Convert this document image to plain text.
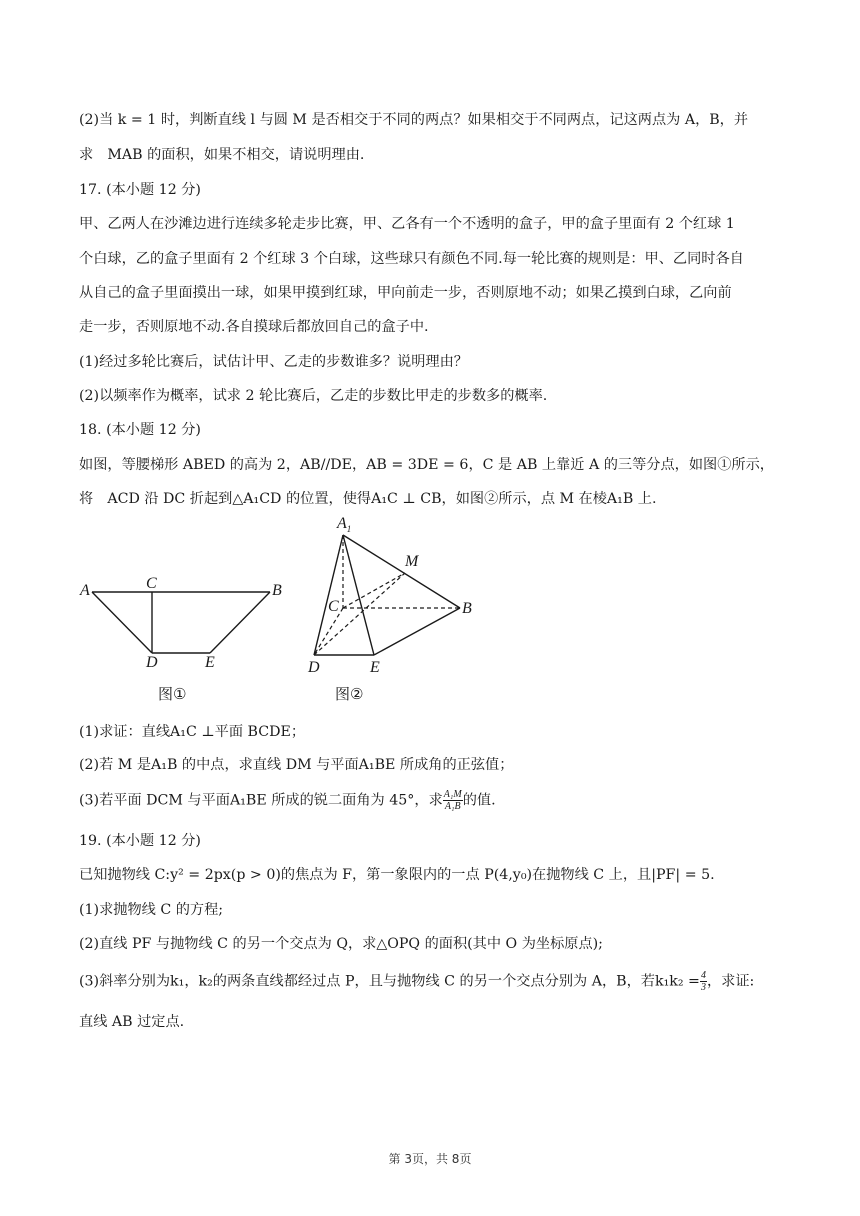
(2)当 k = 1 时，判断直线 l 与圆 M 是否相交于不同的两点？如果相交于不同两点，记这两点为 A，B，并
求　MAB 的面积，如果不相交，请说明理由.
17. (本小题 12 分)
甲、乙两人在沙滩边进行连续多轮走步比赛，甲、乙各有一个不透明的盒子，甲的盒子里面有 2 个红球 1
个白球，乙的盒子里面有 2 个红球 3 个白球，这些球只有颜色不同.每一轮比赛的规则是：甲、乙同时各自
从自己的盒子里面摸出一球，如果甲摸到红球，甲向前走一步，否则原地不动；如果乙摸到白球，乙向前
走一步，否则原地不动.各自摸球后都放回自己的盒子中.
(1)经过多轮比赛后，试估计甲、乙走的步数谁多？说明理由？
(2)以频率作为概率，试求 2 轮比赛后，乙走的步数比甲走的步数多的概率.
18. (本小题 12 分)
如图，等腰梯形 ABED 的高为 2，AB//DE，AB = 3DE = 6，C 是 AB 上靠近 A 的三等分点，如图①所示，
将　ACD 沿 DC 折起到△A₁CD 的位置，使得A₁C ⊥ CB，如图②所示，点 M 在棱A₁B 上.
A	C	B
D	E
图①
$A_1$
M
C	B
D	E
图②
(1)求证：直线A₁C ⊥平面 BCDE；
(2)若 M 是A₁B 的中点，求直线 DM 与平面A₁BE 所成角的正弦值；
(3)若平面 DCM 与平面A₁BE 所成的锐二面角为 45°，求 $\frac{\text{A₁M}}{\text{A₁B}}$ 的值.
19. (本小题 12 分)
已知抛物线 C:y² = 2px(p > 0)的焦点为 F，第一象限内的一点 P(4,y₀)在抛物线 C 上，且|PF| = 5.
(1)求抛物线 C 的方程;
(2)直线 PF 与抛物线 C 的另一个交点为 Q，求△OPQ 的面积(其中 O 为坐标原点);
(3)斜率分别为k₁，k₂的两条直线都经过点 P，且与抛物线 C 的另一个交点分别为 A，B，若$k_1k_2 = \frac{4}{3}$ ，求证:
直线 AB 过定点.
第 3页，共 8页
